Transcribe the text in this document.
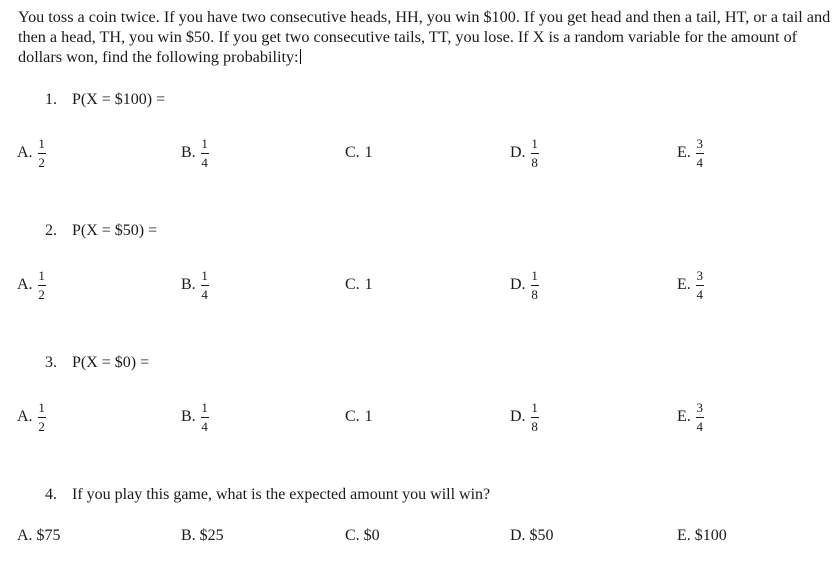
You toss a coin twice. If you have two consecutive heads, HH, you win $100. If you get head and then a tail, HT, or a tail and then a head, TH, you win $50. If you get two consecutive tails, TT, you lose. If X is a random variable for the amount of dollars won, find the following probability:

1. P(X = $100) =
A. $\frac{1}{2}$	B. $\frac{1}{4}$	C. 1	D. $\frac{1}{8}$	E. $\frac{3}{4}$
2. P(X = $50) =
A. $\frac{1}{2}$	B. $\frac{1}{4}$	C. 1	D. $\frac{1}{8}$	E. $\frac{3}{4}$
3. P(X = $0) =
A. $\frac{1}{2}$	B. $\frac{1}{4}$	C. 1	D. $\frac{1}{8}$	E. $\frac{3}{4}$
4. If you play this game, what is the expected amount you will win?
A. $75	B. $25	C. $0	D. $50	E. $100
